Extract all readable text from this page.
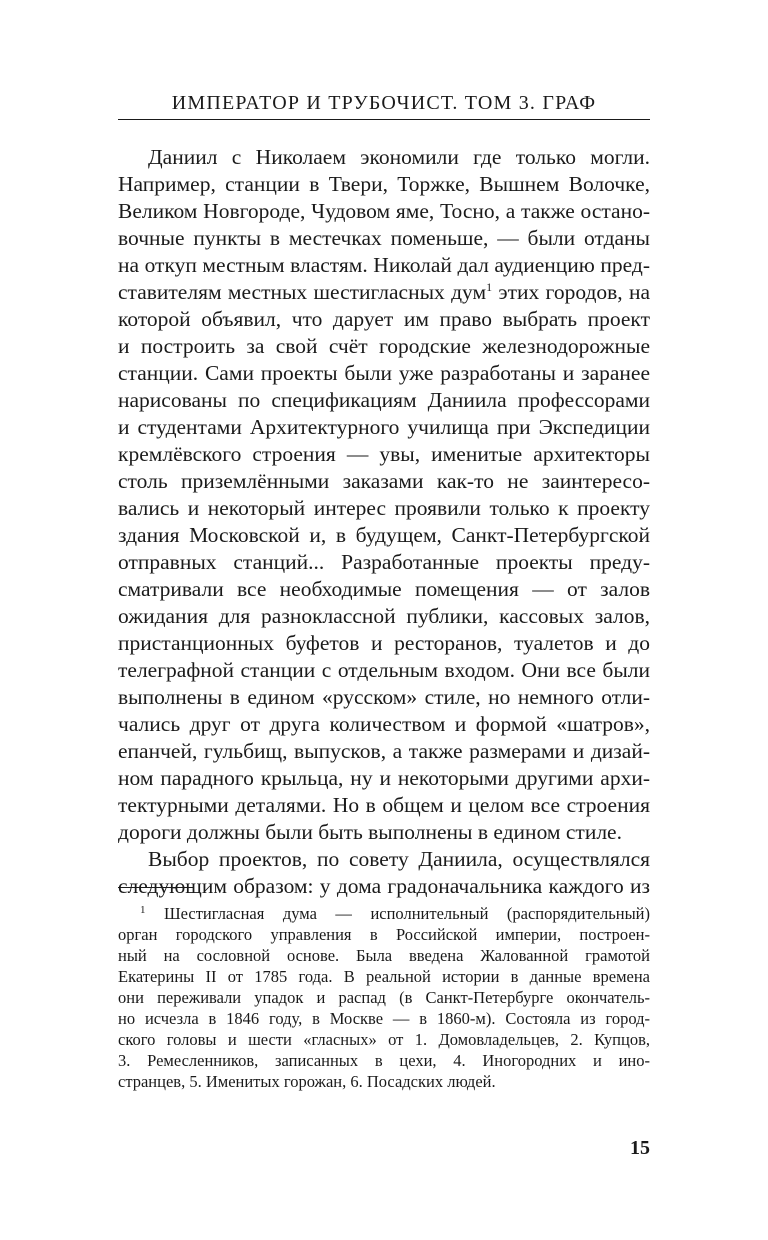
ИМПЕРАТОР И ТРУБОЧИСТ. ТОМ 3. ГРАФ
Даниил с Николаем экономили где только могли.
Например, станции в Твери, Торжке, Вышнем Волочке,
Великом Новгороде, Чудовом яме, Тосно, а также остано-
вочные пункты в местечках поменьше, — были отданы
на откуп местным властям. Николай дал аудиенцию пред-
ставителям местных шестигласных дум$^1$ этих городов, на
которой объявил, что дарует им право выбрать проект
и построить за свой счёт городские железнодорожные
станции. Сами проекты были уже разработаны и заранее
нарисованы по спецификациям Даниила профессорами
и студентами Архитектурного училища при Экспедиции
кремлёвского строения — увы, именитые архитекторы
столь приземлёнными заказами как-то не заинтересо-
вались и некоторый интерес проявили только к проекту
здания Московской и, в будущем, Санкт-Петербургской
отправных станций... Разработанные проекты преду-
сматривали все необходимые помещения — от залов
ожидания для разноклассной публики, кассовых залов,
пристанционных буфетов и ресторанов, туалетов и до
телеграфной станции с отдельным входом. Они все были
выполнены в едином «русском» стиле, но немного отли-
чались друг от друга количеством и формой «шатров»,
епанчей, гульбищ, выпусков, а также размерами и дизай-
ном парадного крыльца, ну и некоторыми другими архи-
тектурными деталями. Но в общем и целом все строения
дороги должны были быть выполнены в едином стиле.
Выбор проектов, по совету Даниила, осуществлялся
следующим образом: у дома градоначальника каждого из
$^1$ Шестигласная дума — исполнительный (распорядительный)
орган городского управления в Российской империи, построен-
ный на сословной основе. Была введена Жалованной грамотой
Екатерины II от 1785 года. В реальной истории в данные времена
они переживали упадок и распад (в Санкт-Петербурге окончатель-
но исчезла в 1846 году, в Москве — в 1860-м). Состояла из город-
ского головы и шести «гласных» от 1. Домовладельцев, 2. Купцов,
3. Ремесленников, записанных в цехи, 4. Иногородних и ино-
странцев, 5. Именитых горожан, 6. Посадских людей.
15
